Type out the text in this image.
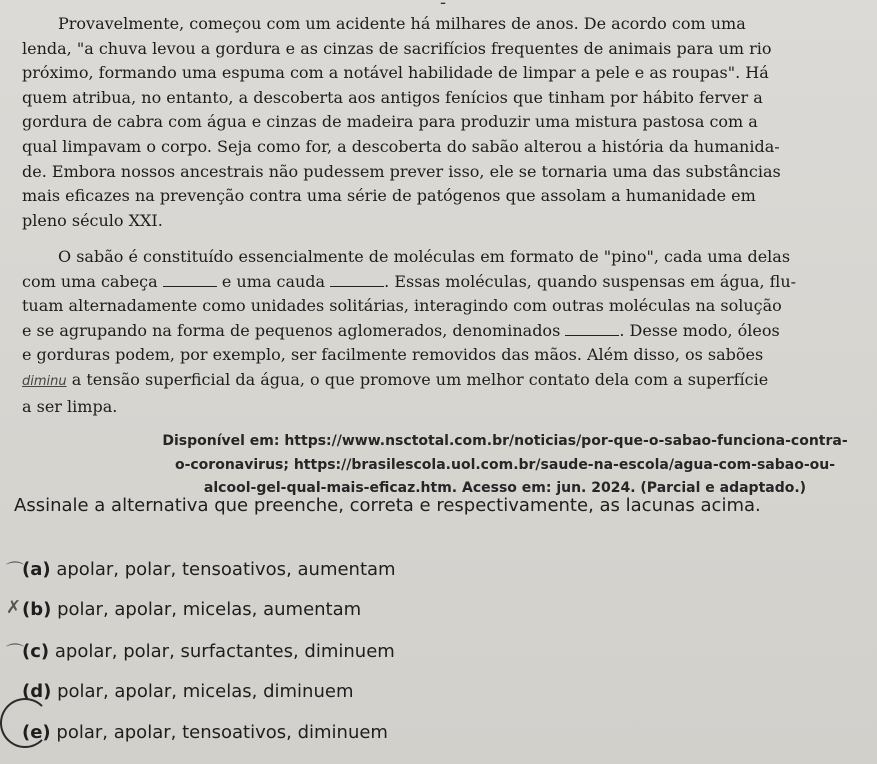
-
Provavelmente, começou com um acidente há milhares de anos. De acordo com uma
lenda, "a chuva levou a gordura e as cinzas de sacrifícios frequentes de animais para um rio
próximo, formando uma espuma com a notável habilidade de limpar a pele e as roupas". Há
quem atribua, no entanto, a descoberta aos antigos fenícios que tinham por hábito ferver a
gordura de cabra com água e cinzas de madeira para produzir uma mistura pastosa com a
qual limpavam o corpo. Seja como for, a descoberta do sabão alterou a história da humanida-
de. Embora nossos ancestrais não pudessem prever isso, ele se tornaria uma das substâncias
mais eficazes na prevenção contra uma série de patógenos que assolam a humanidade em
pleno século XXI.
O sabão é constituído essencialmente de moléculas em formato de "pino", cada uma delas
com uma cabeça	e uma cauda	. Essas moléculas, quando suspensas em água, flu-
tuam alternadamente como unidades solitárias, interagindo com outras moléculas na solução
e se agrupando na forma de pequenos aglomerados, denominados	. Desse modo, óleos
e gorduras podem, por exemplo, ser facilmente removidos das mãos. Além disso, os sabões
diminu a tensão superficial da água, o que promove um melhor contato dela com a superfície
a ser limpa.
Disponível em: https://www.nsctotal.com.br/noticias/por-que-o-sabao-funciona-contra-
o-coronavirus; https://brasilescola.uol.com.br/saude-na-escola/agua-com-sabao-ou-
alcool-gel-qual-mais-eficaz.htm. Acesso em: jun. 2024. (Parcial e adaptado.)
Assinale a alternativa que preenche, correta e respectivamente, as lacunas acima.
⌒
(a) apolar, polar, tensoativos, aumentam
✗ (b) polar, apolar, micelas, aumentam
⌒
(c) apolar, polar, surfactantes, diminuem
(d) polar, apolar, micelas, diminuem
(e) polar, apolar, tensoativos, diminuem
